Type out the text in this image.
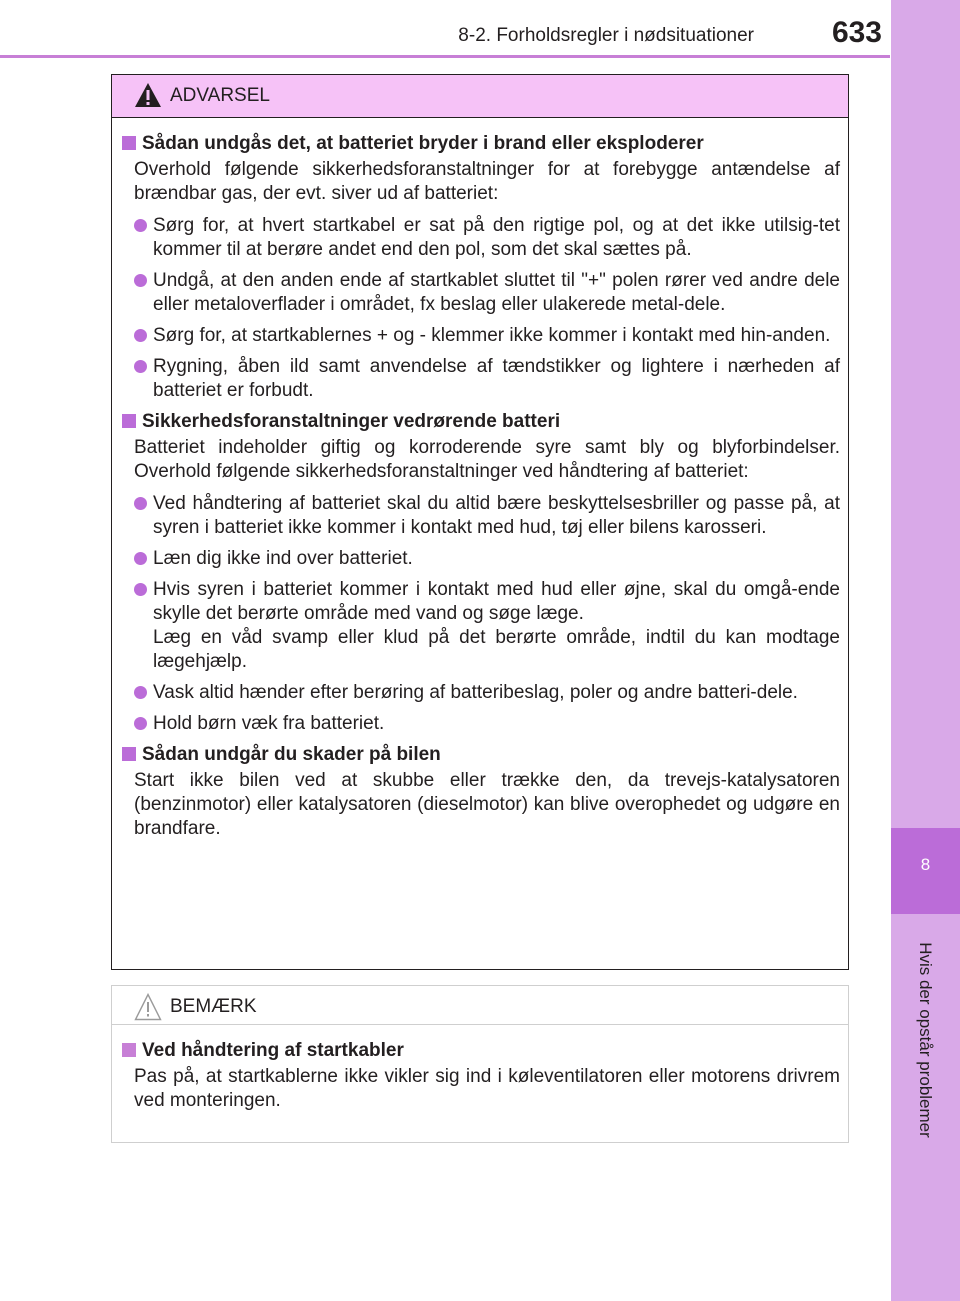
8-2. Forholdsregler i nødsituationer	633
8
Hvis der opstår problemer
ADVARSEL
Sådan undgås det, at batteriet bryder i brand eller eksploderer
Overhold følgende sikkerhedsforanstaltninger for at forebygge antændelse af brændbar gas, der evt. siver ud af batteriet:
Sørg for, at hvert startkabel er sat på den rigtige pol, og at det ikke utilsig-tet kommer til at berøre andet end den pol, som det skal sættes på.
Undgå, at den anden ende af startkablet sluttet til "+" polen rører ved andre dele eller metaloverflader i området, fx beslag eller ulakerede metal-dele.
Sørg for, at startkablernes + og - klemmer ikke kommer i kontakt med hin-anden.
Rygning, åben ild samt anvendelse af tændstikker og lightere i nærheden af batteriet er forbudt.
Sikkerhedsforanstaltninger vedrørende batteri
Batteriet indeholder giftig og korroderende syre samt bly og blyforbindelser. Overhold følgende sikkerhedsforanstaltninger ved håndtering af batteriet:
Ved håndtering af batteriet skal du altid bære beskyttelsesbriller og passe på, at syren i batteriet ikke kommer i kontakt med hud, tøj eller bilens karosseri.
Læn dig ikke ind over batteriet.
Hvis syren i batteriet kommer i kontakt med hud eller øjne, skal du omgå-ende skylle det berørte område med vand og søge læge.
Læg en våd svamp eller klud på det berørte område, indtil du kan modtage lægehjælp.
Vask altid hænder efter berøring af batteribeslag, poler og andre batteri-dele.
Hold børn væk fra batteriet.
Sådan undgår du skader på bilen
Start ikke bilen ved at skubbe eller trække den, da trevejs-katalysatoren (benzinmotor) eller katalysatoren (dieselmotor) kan blive overophedet og udgøre en brandfare.
BEMÆRK
Ved håndtering af startkabler
Pas på, at startkablerne ikke vikler sig ind i køleventilatoren eller motorens drivrem ved monteringen.
